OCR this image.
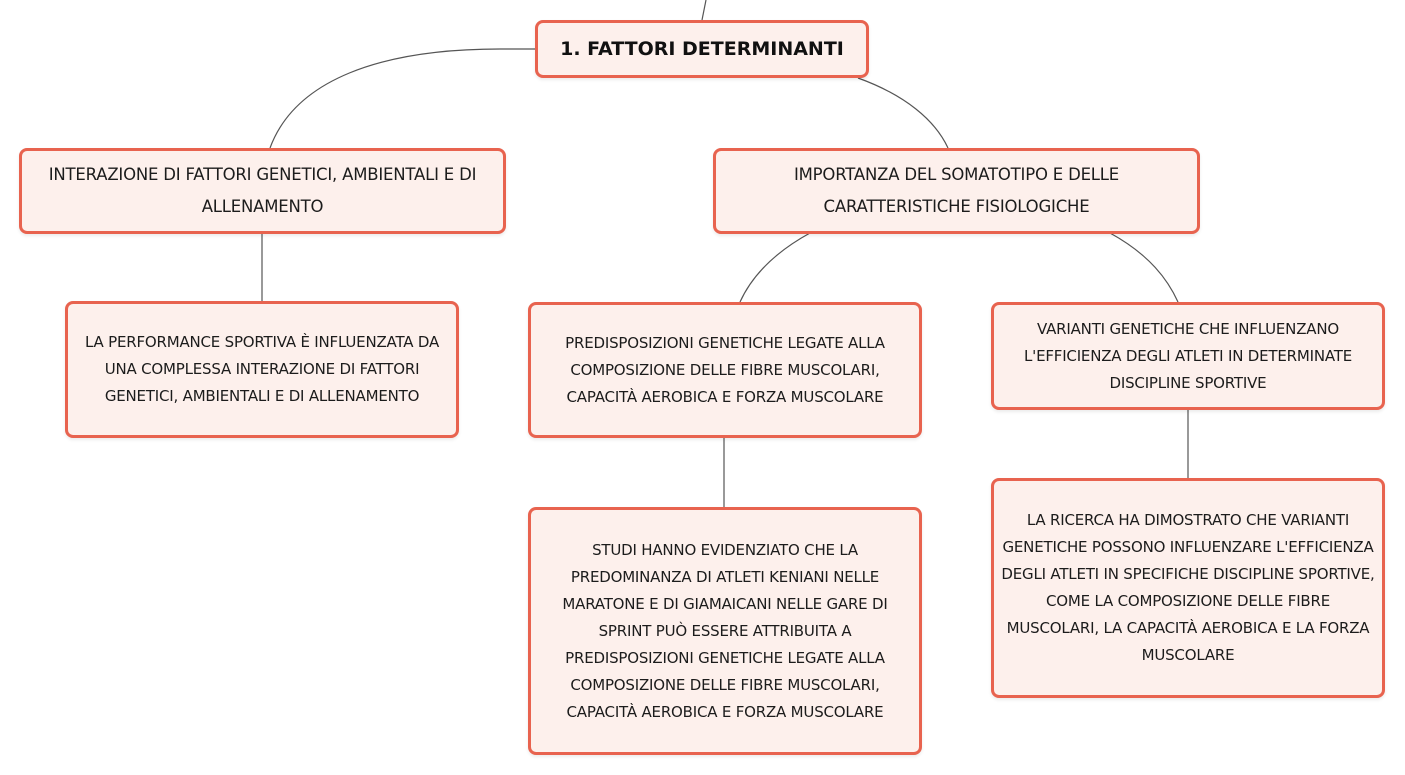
1. FATTORI DETERMINANTI
INTERAZIONE DI FATTORI GENETICI, AMBIENTALI E DI ALLENAMENTO
IMPORTANZA DEL SOMATOTIPO E DELLE CARATTERISTICHE FISIOLOGICHE
LA PERFORMANCE SPORTIVA È INFLUENZATA DA UNA COMPLESSA INTERAZIONE DI FATTORI GENETICI, AMBIENTALI E DI ALLENAMENTO
PREDISPOSIZIONI GENETICHE LEGATE ALLA COMPOSIZIONE DELLE FIBRE MUSCOLARI, CAPACITÀ AEROBICA E FORZA MUSCOLARE
VARIANTI GENETICHE CHE INFLUENZANO L'EFFICIENZA DEGLI ATLETI IN DETERMINATE DISCIPLINE SPORTIVE
STUDI HANNO EVIDENZIATO CHE LA PREDOMINANZA DI ATLETI KENIANI NELLE MARATONE E DI GIAMAICANI NELLE GARE DI SPRINT PUÒ ESSERE ATTRIBUITA A PREDISPOSIZIONI GENETICHE LEGATE ALLA COMPOSIZIONE DELLE FIBRE MUSCOLARI, CAPACITÀ AEROBICA E FORZA MUSCOLARE
LA RICERCA HA DIMOSTRATO CHE VARIANTI GENETICHE POSSONO INFLUENZARE L'EFFICIENZA DEGLI ATLETI IN SPECIFICHE DISCIPLINE SPORTIVE, COME LA COMPOSIZIONE DELLE FIBRE MUSCOLARI, LA CAPACITÀ AEROBICA E LA FORZA MUSCOLARE
